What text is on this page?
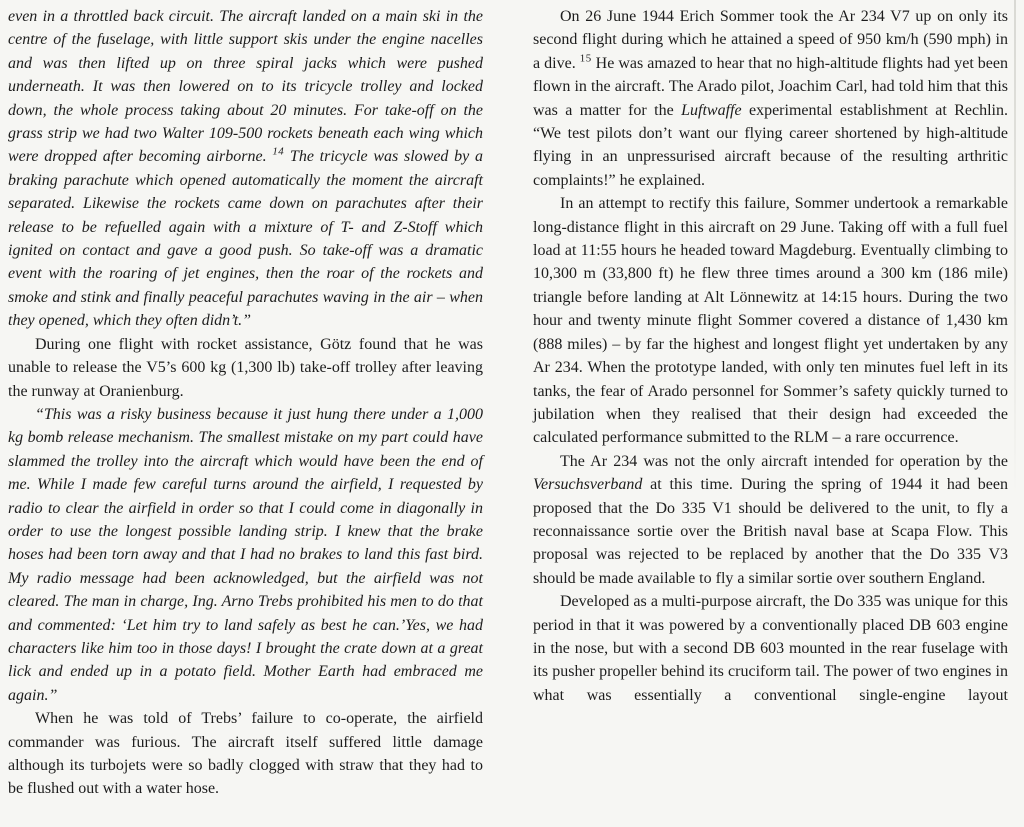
even in a throttled back circuit. The aircraft landed on a main ski in the centre of the fuselage, with little support skis under the engine nacelles and was then lifted up on three spiral jacks which were pushed underneath. It was then lowered on to its tricycle trolley and locked down, the whole process taking about 20 minutes. For take-off on the grass strip we had two Walter 109-500 rockets beneath each wing which were dropped after becoming airborne. $^{14}$ The tricycle was slowed by a braking parachute which opened automatically the moment the aircraft separated. Likewise the rockets came down on parachutes after their release to be refuelled again with a mixture of T- and Z-Stoff which ignited on contact and gave a good push. So take-off was a dramatic event with the roaring of jet engines, then the roar of the rockets and smoke and stink and finally peaceful parachutes waving in the air – when they opened, which they often didn’t.”

During one flight with rocket assistance, Götz found that he was unable to release the V5’s 600 kg (1,300 lb) take-off trolley after leaving the runway at Oranienburg.

“This was a risky business because it just hung there under a 1,000 kg bomb release mechanism. The smallest mistake on my part could have slammed the trolley into the aircraft which would have been the end of me. While I made few careful turns around the airfield, I requested by radio to clear the airfield in order so that I could come in diagonally in order to use the longest possible landing strip. I knew that the brake hoses had been torn away and that I had no brakes to land this fast bird. My radio message had been acknowledged, but the airfield was not cleared. The man in charge, Ing. Arno Trebs prohibited his men to do that and commented: ‘Let him try to land safely as best he can.’Yes, we had characters like him too in those days! I brought the crate down at a great lick and ended up in a potato field. Mother Earth had embraced me again.”

When he was told of Trebs’ failure to co-operate, the airfield commander was furious. The aircraft itself suffered little damage although its turbojets were so badly clogged with straw that they had to be flushed out with a water hose.

On 26 June 1944 Erich Sommer took the Ar 234 V7 up on only its second flight during which he attained a speed of 950 km/h (590 mph) in a dive. $^{15}$ He was amazed to hear that no high-altitude flights had yet been flown in the aircraft. The Arado pilot, Joachim Carl, had told him that this was a matter for the Luftwaffe experimental establishment at Rechlin. “We test pilots don’t want our flying career shortened by high-altitude flying in an unpressurised aircraft because of the resulting arthritic complaints!” he explained.

In an attempt to rectify this failure, Sommer undertook a remarkable long-distance flight in this aircraft on 29 June. Taking off with a full fuel load at 11:55 hours he headed toward Magdeburg. Eventually climbing to 10,300 m (33,800 ft) he flew three times around a 300 km (186 mile) triangle before landing at Alt Lönnewitz at 14:15 hours. During the two hour and twenty minute flight Sommer covered a distance of 1,430 km (888 miles) – by far the highest and longest flight yet undertaken by any Ar 234. When the prototype landed, with only ten minutes fuel left in its tanks, the fear of Arado personnel for Sommer’s safety quickly turned to jubilation when they realised that their design had exceeded the calculated performance submitted to the RLM – a rare occurrence.

The Ar 234 was not the only aircraft intended for operation by the Versuchsverband at this time. During the spring of 1944 it had been proposed that the Do 335 V1 should be delivered to the unit, to fly a reconnaissance sortie over the British naval base at Scapa Flow. This proposal was rejected to be replaced by another that the Do 335 V3 should be made available to fly a similar sortie over southern England.

Developed as a multi-purpose aircraft, the Do 335 was unique for this period in that it was powered by a conventionally placed DB 603 engine in the nose, but with a second DB 603 mounted in the rear fuselage with its pusher propeller behind its cruciform tail. The power of two engines in what was essentially a conventional single-engine layout
